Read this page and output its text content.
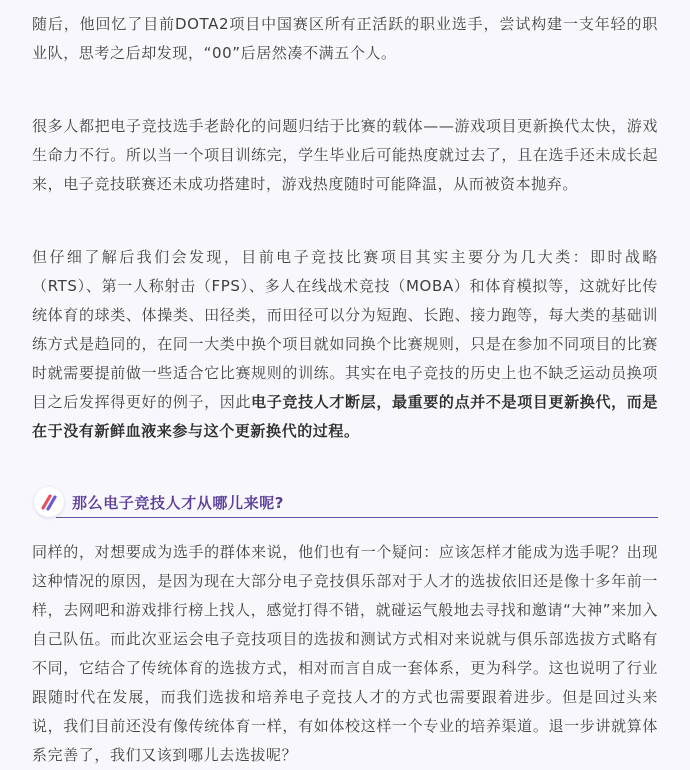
随后，他回忆了目前DOTA2项目中国赛区所有正活跃的职业选手，尝试构建一支年轻的职业队，思考之后却发现，“00”后居然凑不满五个人。

很多人都把电子竞技选手老龄化的问题归结于比赛的载体——游戏项目更新换代太快，游戏生命力不行。所以当一个项目训练完，学生毕业后可能热度就过去了，且在选手还未成长起来，电子竞技联赛还未成功搭建时，游戏热度随时可能降温，从而被资本抛弃。

但仔细了解后我们会发现，目前电子竞技比赛项目其实主要分为几大类：即时战略（RTS）、第一人称射击（FPS）、多人在线战术竞技（MOBA）和体育模拟等，这就好比传统体育的球类、体操类、田径类，而田径可以分为短跑、长跑、接力跑等，每大类的基础训练方式是趋同的，在同一大类中换个项目就如同换个比赛规则，只是在参加不同项目的比赛时就需要提前做一些适合它比赛规则的训练。其实在电子竞技的历史上也不缺乏运动员换项目之后发挥得更好的例子，因此电子竞技人才断层，最重要的点并不是项目更新换代，而是在于没有新鲜血液来参与这个更新换代的过程。

那么电子竞技人才从哪儿来呢?

同样的，对想要成为选手的群体来说，他们也有一个疑问：应该怎样才能成为选手呢？出现这种情况的原因，是因为现在大部分电子竞技俱乐部对于人才的选拔依旧还是像十多年前一样，去网吧和游戏排行榜上找人，感觉打得不错，就碰运气般地去寻找和邀请“大神”来加入自己队伍。而此次亚运会电子竞技项目的选拔和测试方式相对来说就与俱乐部选拔方式略有不同，它结合了传统体育的选拔方式，相对而言自成一套体系，更为科学。这也说明了行业跟随时代在发展，而我们选拔和培养电子竞技人才的方式也需要跟着进步。但是回过头来说，我们目前还没有像传统体育一样，有如体校这样一个专业的培养渠道。退一步讲就算体系完善了，我们又该到哪儿去选拔呢？
